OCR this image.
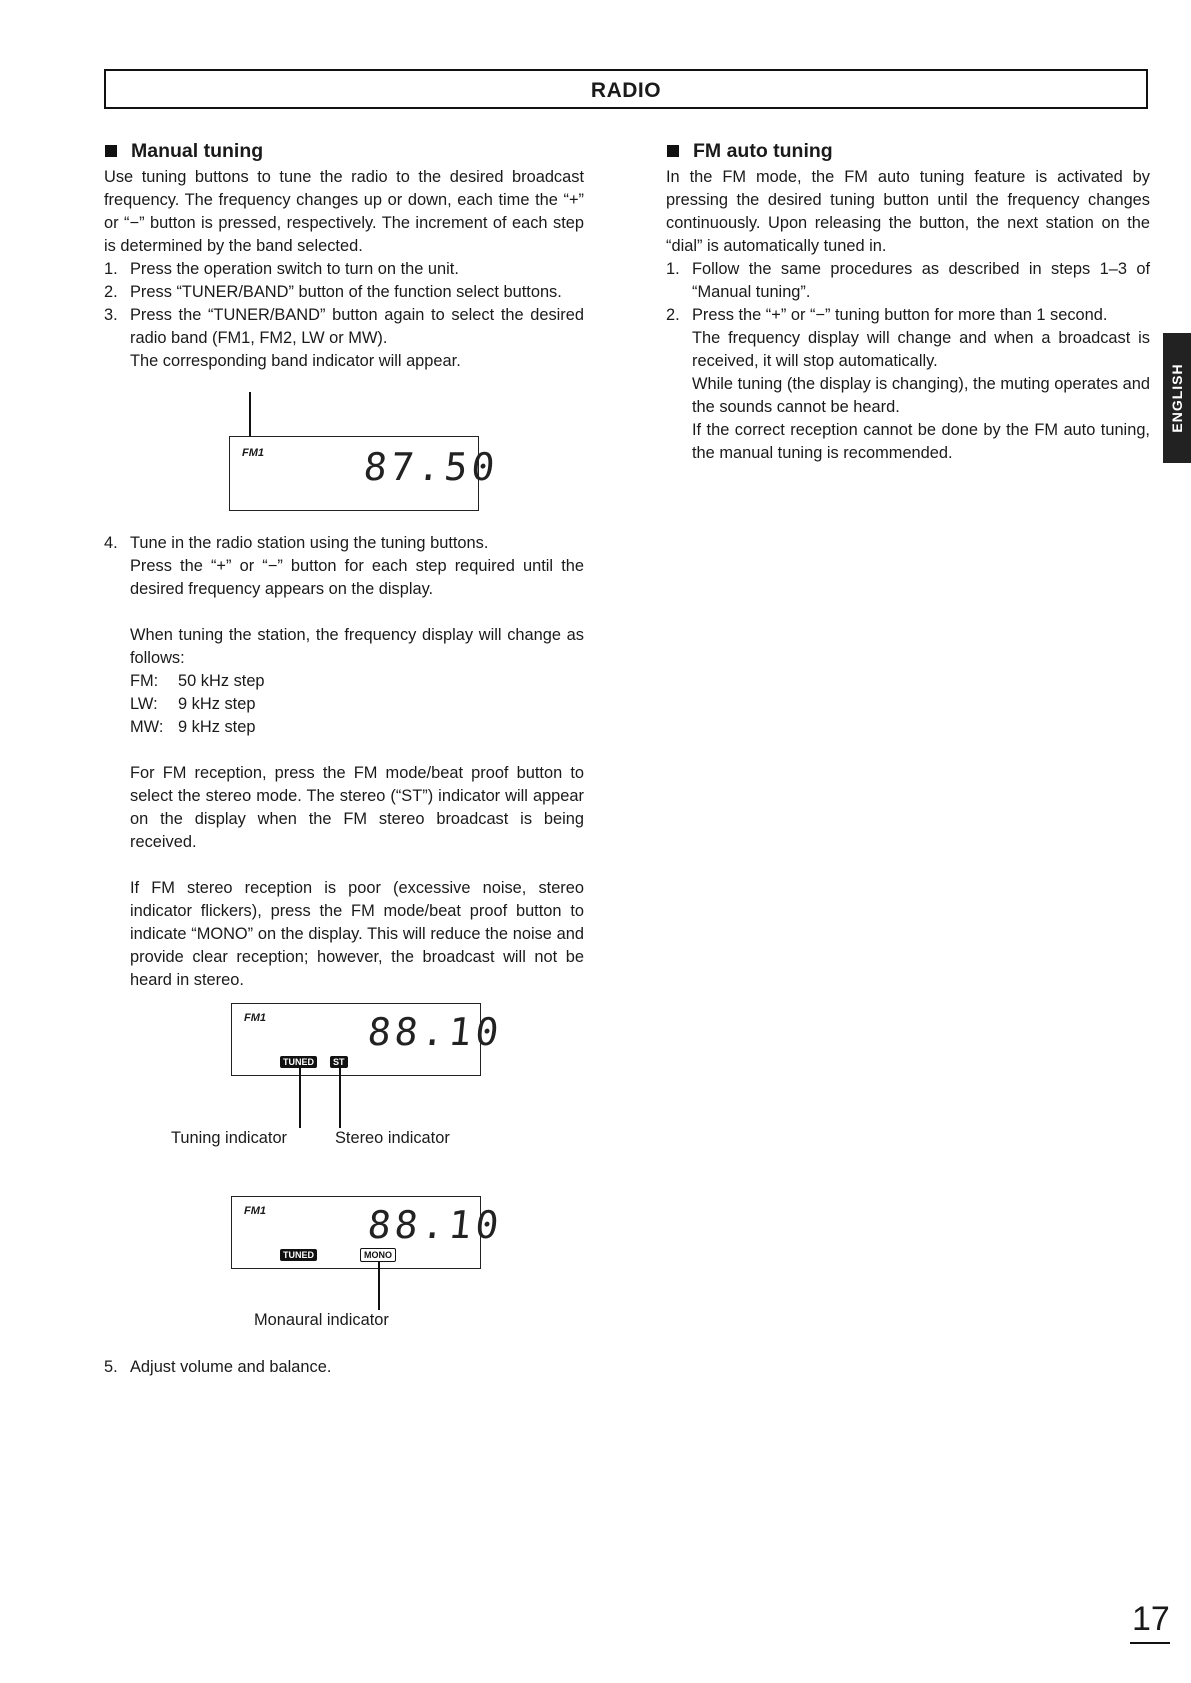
RADIO
Manual tuning

Use tuning buttons to tune the radio to the desired broadcast frequency. The frequency changes up or down, each time the “+” or “−” button is pressed, respectively. The increment of each step is determined by the band selected.

1. Press the operation switch to turn on the unit.
2. Press “TUNER/BAND” button of the function select buttons.
3. Press the “TUNER/BAND” button again to select the desired radio band (FM1, FM2, LW or MW).
The corresponding band indicator will appear.
FM1	87.50
4. Tune in the radio station using the tuning buttons.
Press the “+” or “−” button for each step required until the desired frequency appears on the display.
When tuning the station, the frequency display will change as follows:
FM:	50 kHz step
LW:	9 kHz step
MW: 9 kHz step
For FM reception, press the FM mode/beat proof button to select the stereo mode. The stereo (“ST”) indicator will appear on the display when the FM stereo broadcast is being received.
If FM stereo reception is poor (excessive noise, stereo indicator flickers), press the FM mode/beat proof button to indicate “MONO” on the display. This will reduce the noise and provide clear reception; however, the broadcast will not be heard in stereo.
FM1	88.10
TUNED	ST
Tuning indicator	Stereo indicator
FM1	88.10
TUNED	MONO
Monaural indicator
5. Adjust volume and balance.
FM auto tuning

In the FM mode, the FM auto tuning feature is activated by pressing the desired tuning button until the frequency changes continuously. Upon releasing the button, the next station on the “dial” is automatically tuned in.

1. Follow the same procedures as described in steps 1–3 of “Manual tuning”.
2. Press the “+” or “−” tuning button for more than 1 second.
The frequency display will change and when a broadcast is received, it will stop automatically.
While tuning (the display is changing), the muting operates and the sounds cannot be heard.
If the correct reception cannot be done by the FM auto tuning, the manual tuning is recommended.
ENGLISH
17
